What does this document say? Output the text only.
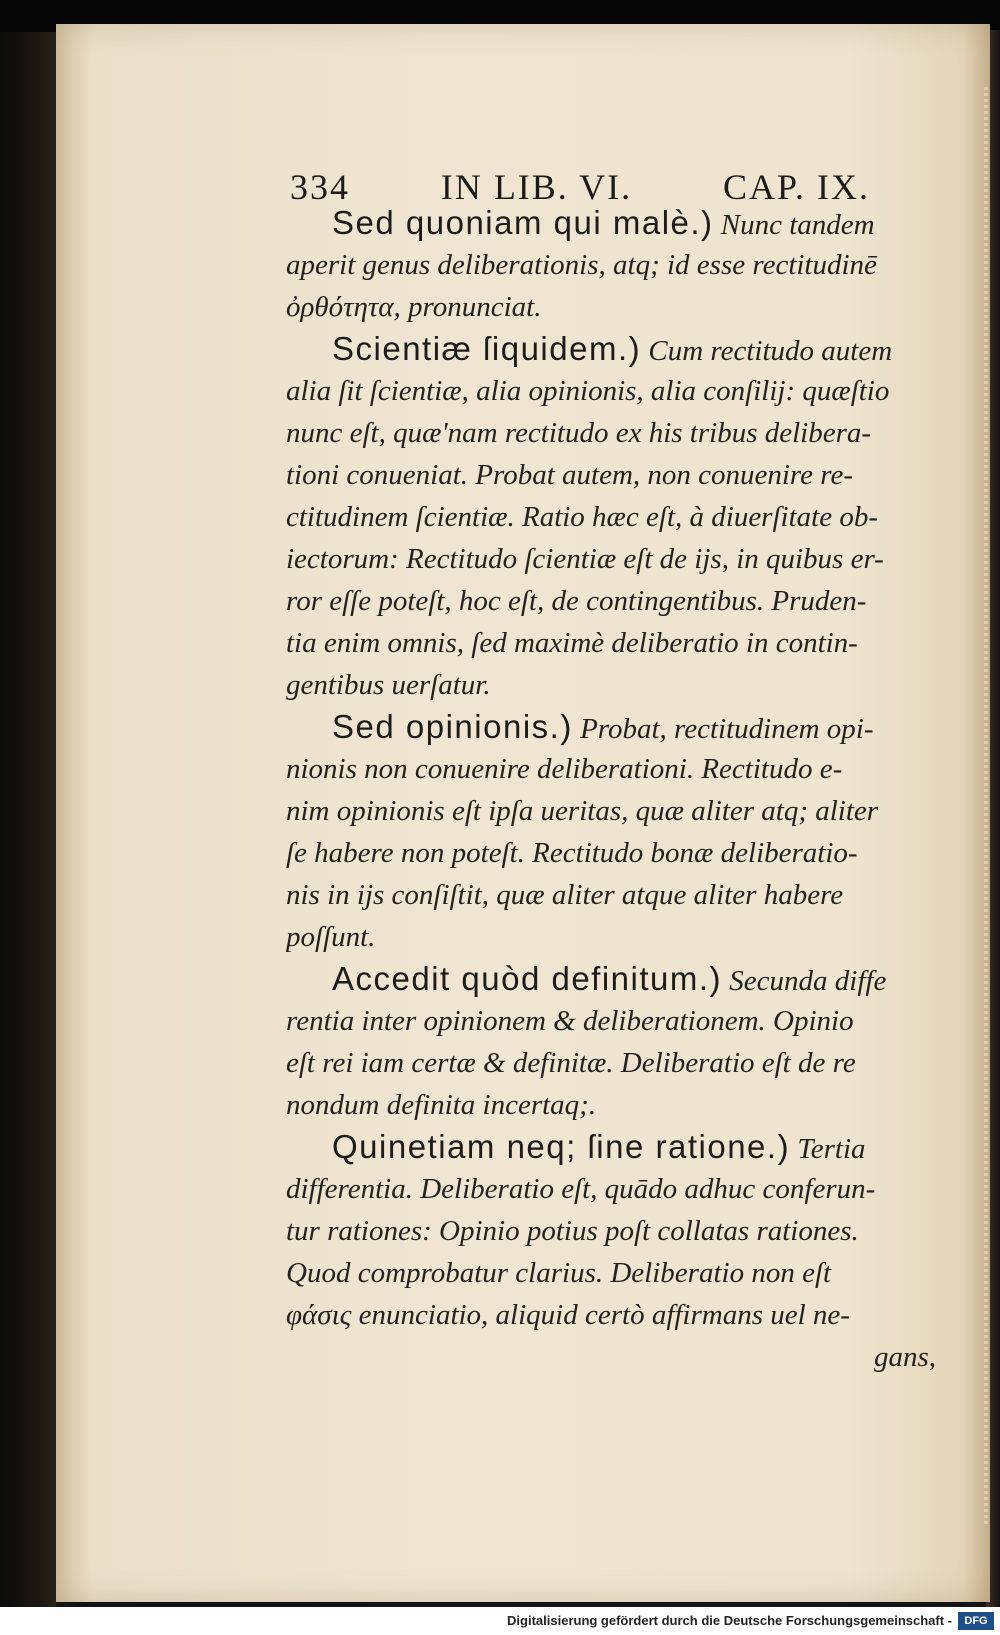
334	IN LIB. VI.	CAP. IX.
Sed quoniam qui malè.) Nunc tandem
aperit genus deliberationis, atq; id esse rectitudinē
ὀρθότητα, pronunciat.
Scientiæ ſiquidem.) Cum rectitudo autem
alia ſit ſcientiæ, alia opinionis, alia conſilij: quæſtio
nunc eſt, quæ'nam rectitudo ex his tribus delibera-
tioni conueniat. Probat autem, non conuenire re-
ctitudinem ſcientiæ. Ratio hæc eſt, à diuerſitate ob-
iectorum: Rectitudo ſcientiæ eſt de ijs, in quibus er-
ror eſſe poteſt, hoc eſt, de contingentibus. Pruden-
tia enim omnis, ſed maximè deliberatio in contin-
gentibus uerſatur.
Sed opinionis.) Probat, rectitudinem opi-
nionis non conuenire deliberationi. Rectitudo e-
nim opinionis eſt ipſa ueritas, quæ aliter atq; aliter
ſe habere non poteſt. Rectitudo bonæ deliberatio-
nis in ijs conſiſtit, quæ aliter atque aliter habere
poſſunt.
Accedit quòd definitum.) Secunda diffe
rentia inter opinionem & deliberationem. Opinio
eſt rei iam certæ & definitæ. Deliberatio eſt de re
nondum definita incertaq;.
Quinetiam neq; ſine ratione.) Tertia
differentia. Deliberatio eſt, quādo adhuc conferun-
tur rationes: Opinio potius poſt collatas rationes.
Quod comprobatur clarius. Deliberatio non eſt
φάσις enunciatio, aliquid certò affirmans uel ne-
gans,
Digitalisierung gefördert durch die Deutsche Forschungsgemeinschaft -	DFG
